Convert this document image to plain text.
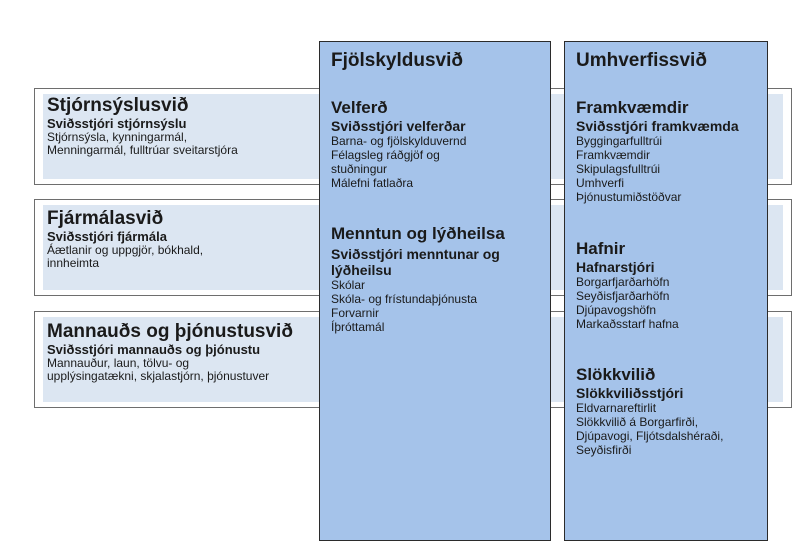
Stjórnsýslusvið
Sviðsstjóri stjórnsýslu
Stjórnsýsla, kynningarmál,
Menningarmál, fulltrúar sveitarstjóra
Fjármálasvið
Sviðsstjóri fjármála
Áætlanir og uppgjör, bókhald,
innheimta
Mannauðs og þjónustusvið
Sviðsstjóri mannauðs og þjónustu
Mannauður, laun, tölvu- og
upplýsingatækni, skjalastjórn, þjónustuver
Fjölskyldusvið
Velferð
Sviðsstjóri velferðar
Barna- og fjölskylduvernd
Félagsleg ráðgjöf og
stuðningur
Málefni fatlaðra
Menntun og lýðheilsa
Sviðsstjóri menntunar og lýðheilsu
Skólar
Skóla- og frístundaþjónusta
Forvarnir
Íþróttamál
Umhverfissvið
Framkvæmdir
Sviðsstjóri framkvæmda
Byggingarfulltrúi
Framkvæmdir
Skipulagsfulltrúi
Umhverfi
Þjónustumiðstöðvar
Hafnir
Hafnarstjóri
Borgarfjarðarhöfn
Seyðisfjarðarhöfn
Djúpavogshöfn
Markaðsstarf hafna
Slökkvilið
Slökkviliðsstjóri
Eldvarnareftirlit
Slökkvilið á Borgarfirði,
Djúpavogi, Fljótsdalshéraði,
Seyðisfirði
